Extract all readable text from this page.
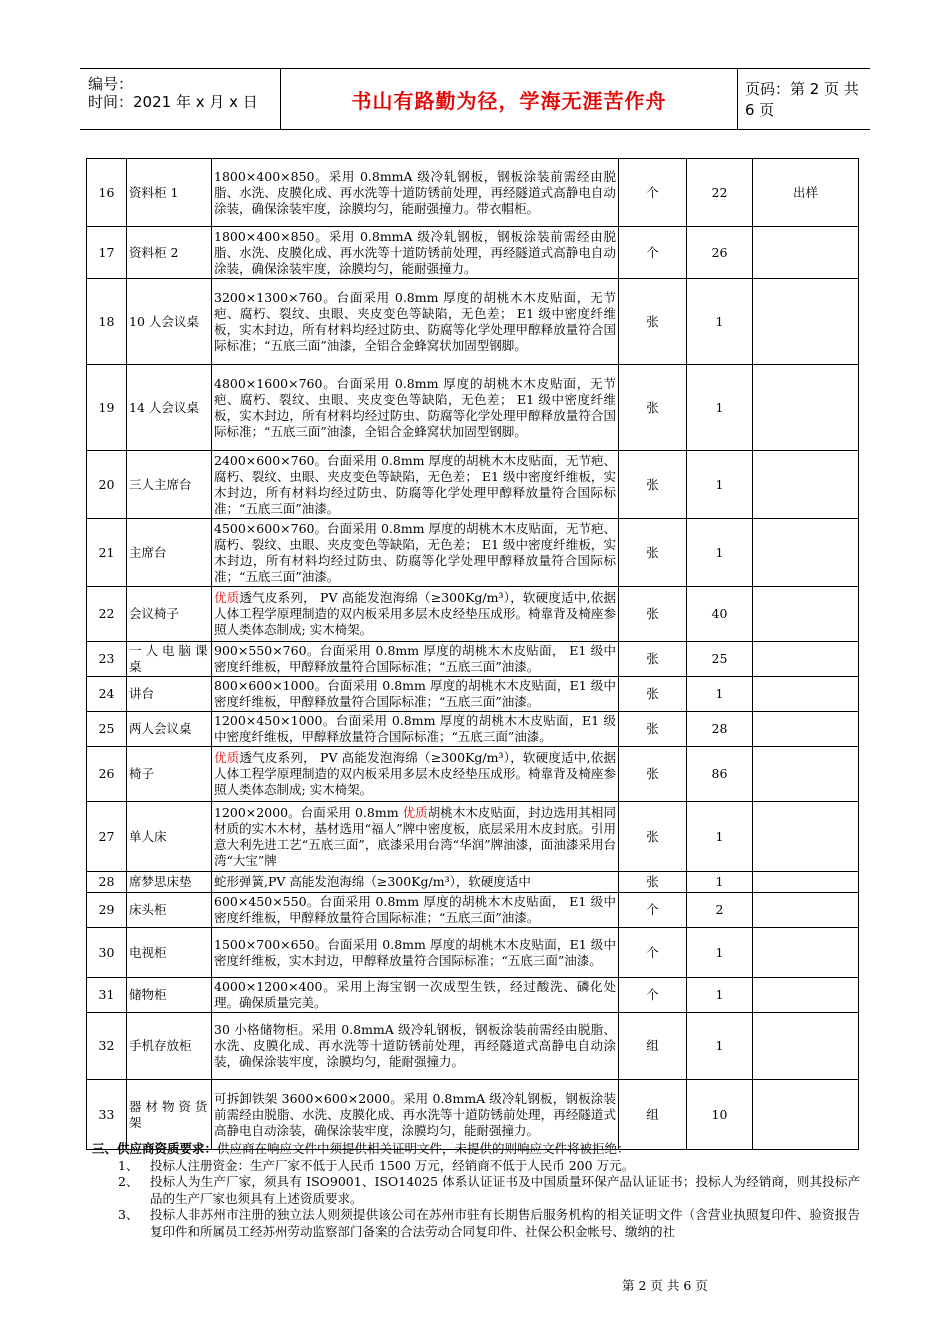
编号：
时间：2021 年 x 月 x 日	书山有路勤为径，学海无涯苦作舟	页码：第 2 页 共 6 页
16	资料柜 1	1800×400×850。采用 0.8mmA 级冷轧钢板，钢板涂装前需经由脱脂、水洗、皮膜化成、再水洗等十道防锈前处理，再经隧道式高静电自动涂装，确保涂装牢度，涂膜均匀，能耐强撞力。带衣帽柜。	个	22	出样
17	资料柜 2	1800×400×850。采用 0.8mmA 级冷轧钢板，钢板涂装前需经由脱脂、水洗、皮膜化成、再水洗等十道防锈前处理，再经隧道式高静电自动涂装，确保涂装牢度，涂膜均匀，能耐强撞力。	个	26	
18	10 人会议桌	3200×1300×760。台面采用 0.8mm 厚度的胡桃木木皮贴面，无节疤、腐朽、裂纹、虫眼、夹皮变色等缺陷，无色差； E1 级中密度纤维板，实木封边，所有材料均经过防虫、防腐等化学处理甲醇释放量符合国际标准；“五底三面”油漆，全铝合金蜂窝状加固型钢脚。	张	1	
19	14 人会议桌	4800×1600×760。台面采用 0.8mm 厚度的胡桃木木皮贴面，无节疤、腐朽、裂纹、虫眼、夹皮变色等缺陷，无色差； E1 级中密度纤维板，实木封边，所有材料均经过防虫、防腐等化学处理甲醇释放量符合国际标准；“五底三面”油漆，全铝合金蜂窝状加固型钢脚。	张	1	
20	三人主席台	2400×600×760。台面采用 0.8mm 厚度的胡桃木木皮贴面，无节疤、腐朽、裂纹、虫眼、夹皮变色等缺陷，无色差； E1 级中密度纤维板，实木封边，所有材料均经过防虫、防腐等化学处理甲醇释放量符合国际标准；“五底三面”油漆。	张	1	
21	主席台	4500×600×760。台面采用 0.8mm 厚度的胡桃木木皮贴面，无节疤、腐朽、裂纹、虫眼、夹皮变色等缺陷，无色差； E1 级中密度纤维板，实木封边，所有材料均经过防虫、防腐等化学处理甲醇释放量符合国际标准；“五底三面”油漆。	张	1	
22	会议椅子	优质透气皮系列， PV 高能发泡海绵（≥300Kg/m³），软硬度适中,依据人体工程学原理制造的双内板采用多层木皮经垫压成形。椅靠背及椅座参照人类体态制成; 实木椅架。	张	40	
23	一 人 电 脑 课桌	900×550×760。台面采用 0.8mm 厚度的胡桃木木皮贴面， E1 级中密度纤维板，甲醇释放量符合国际标准；“五底三面”油漆。	张	25	
24	讲台	800×600×1000。台面采用 0.8mm 厚度的胡桃木木皮贴面，E1 级中密度纤维板，甲醇释放量符合国际标准；“五底三面”油漆。	张	1	
25	两人会议桌	1200×450×1000。台面采用 0.8mm 厚度的胡桃木木皮贴面，E1 级中密度纤维板，甲醇释放量符合国际标准；“五底三面”油漆。	张	28	
26	椅子	优质透气皮系列， PV 高能发泡海绵（≥300Kg/m³），软硬度适中,依据人体工程学原理制造的双内板采用多层木皮经垫压成形。椅靠背及椅座参照人类体态制成; 实木椅架。	张	86	
27	单人床	1200×2000。台面采用 0.8mm 优质胡桃木木皮贴面，封边选用其相同材质的实木木材，基材选用“福人”牌中密度板，底层采用木皮封底。引用意大利先进工艺“五底三面”，底漆采用台湾“华润”牌油漆，面油漆采用台湾“大宝”牌	张	1	
28	席梦思床垫	蛇形弹簧,PV 高能发泡海绵（≥300Kg/m³），软硬度适中	张	1	
29	床头柜	600×450×550。台面采用 0.8mm 厚度的胡桃木木皮贴面， E1 级中密度纤维板，甲醇释放量符合国际标准；“五底三面”油漆。	个	2	
30	电视柜	1500×700×650。台面采用 0.8mm 厚度的胡桃木木皮贴面，E1 级中密度纤维板，实木封边，甲醇释放量符合国际标准；“五底三面”油漆。	个	1	
31	储物柜	4000×1200×400。采用上海宝钢一次成型生铁，经过酸洗、磷化处理。确保质量完美。	个	1	
32	手机存放柜	30 小格储物柜。采用 0.8mmA 级冷轧钢板，钢板涂装前需经由脱脂、水洗、皮膜化成、再水洗等十道防锈前处理，再经隧道式高静电自动涂装，确保涂装牢度，涂膜均匀，能耐强撞力。	组	1	
33	器 材 物 资 货架	可拆卸铁架 3600×600×2000。采用 0.8mmA 级冷轧钢板，钢板涂装前需经由脱脂、水洗、皮膜化成、再水洗等十道防锈前处理，再经隧道式高静电自动涂装，确保涂装牢度，涂膜均匀，能耐强撞力。	组	10	
三、供应商资质要求：供应商在响应文件中须提供相关证明文件，未提供的则响应文件将被拒绝：
1、 投标人注册资金：生产厂家不低于人民币 1500 万元，经销商不低于人民币 200 万元。
2、 投标人为生产厂家，须具有 ISO9001、ISO14025 体系认证证书及中国质量环保产品认证证书；投标人为经销商，则其投标产品的生产厂家也须具有上述资质要求。
3、 投标人非苏州市注册的独立法人则须提供该公司在苏州市驻有长期售后服务机构的相关证明文件（含营业执照复印件、验资报告复印件和所属员工经苏州劳动监察部门备案的合法劳动合同复印件、社保公积金帐号、缴纳的社
第 2 页 共 6 页
